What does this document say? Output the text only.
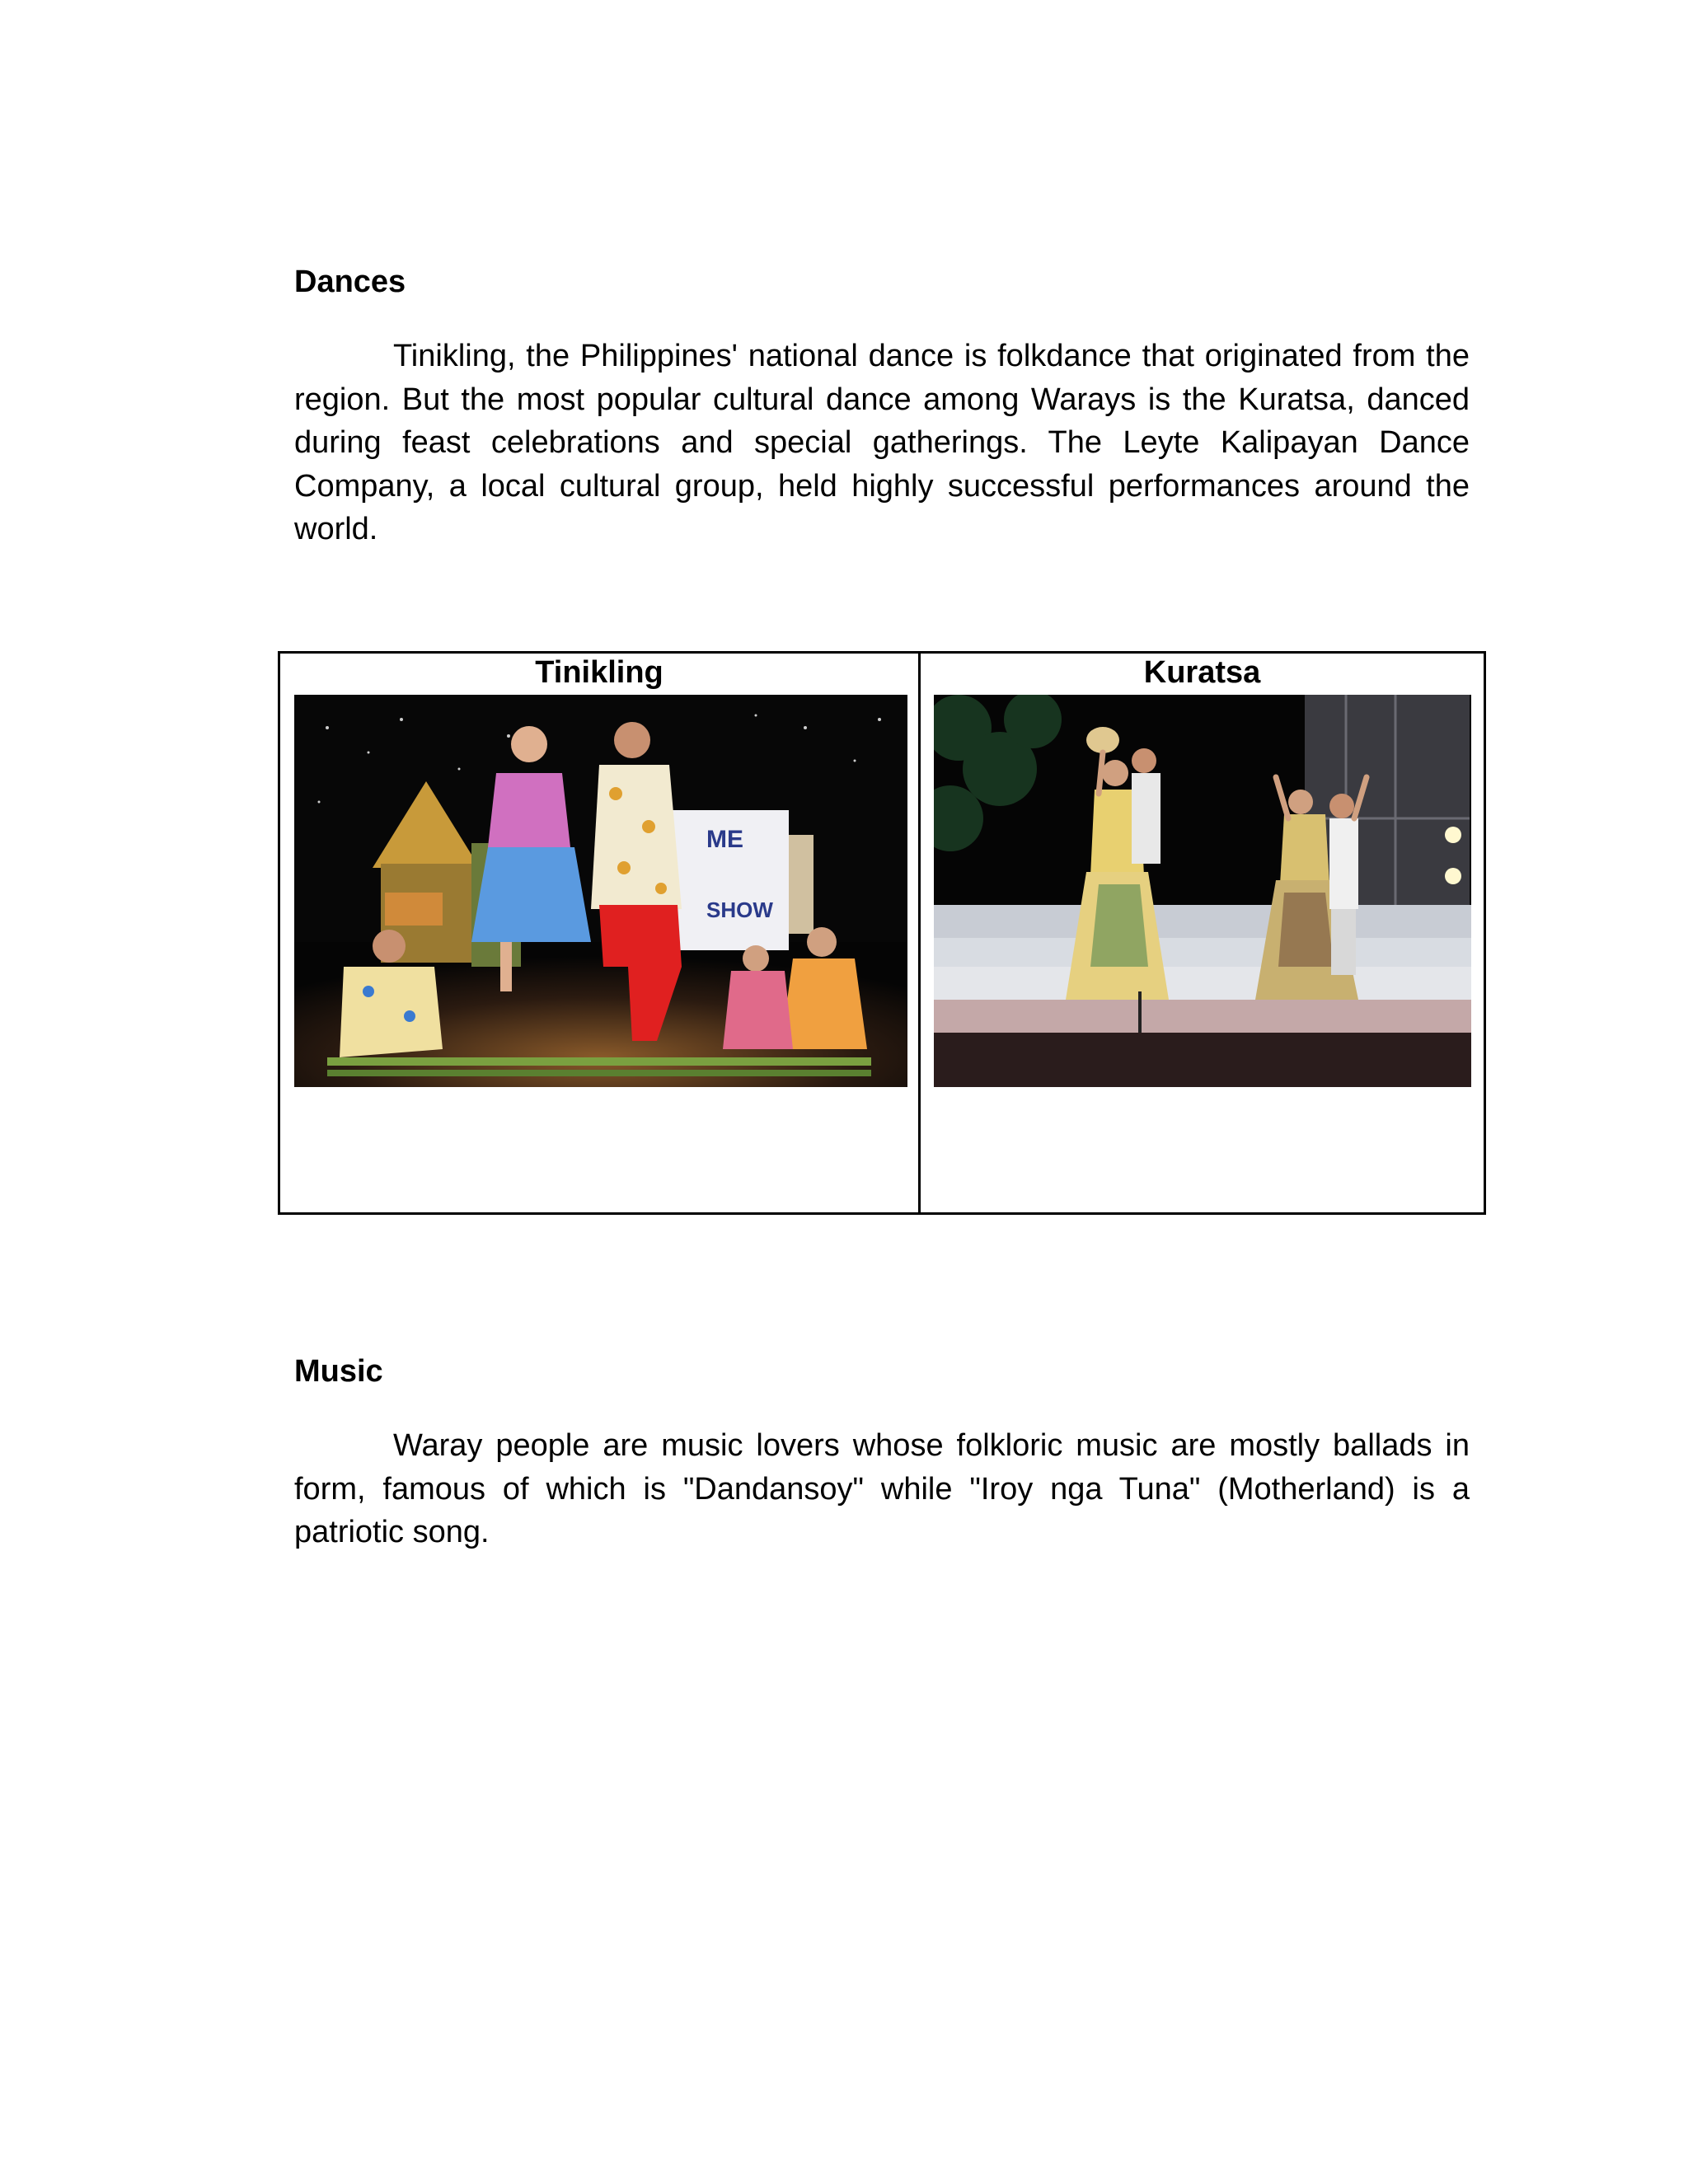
Dances

Tinikling, the Philippines' national dance is folkdance that originated from the region. But the most popular cultural dance among Warays is the Kuratsa, danced during feast celebrations and special gatherings. The Leyte Kalipayan Dance Company, a local cultural group, held highly successful performances around the world.

Tinikling	Kuratsa
ME
SHOW
Music

Waray people are music lovers whose folkloric music are mostly ballads in form, famous of which is "Dandansoy" while "Iroy nga Tuna" (Motherland) is a patriotic song.
